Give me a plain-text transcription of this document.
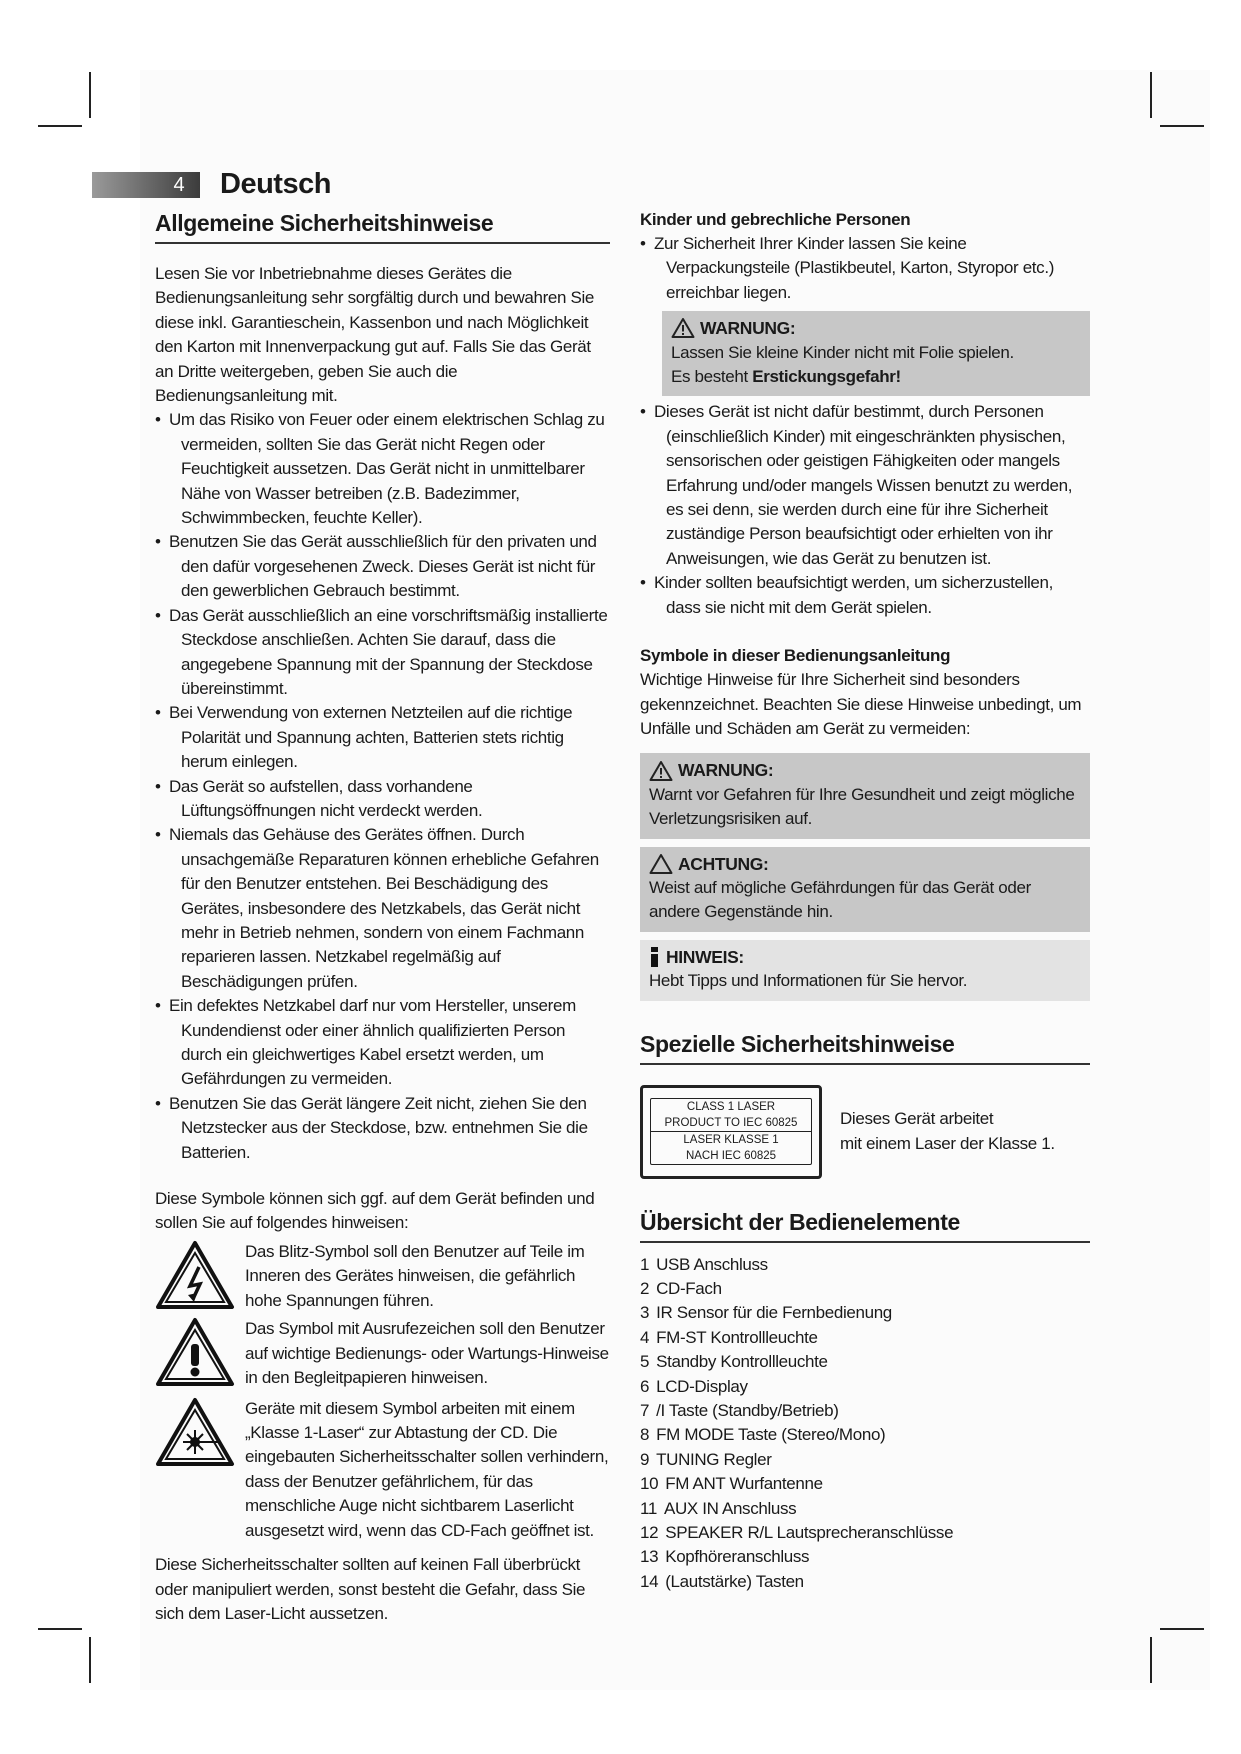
4	Deutsch
Allgemeine Sicherheitshinweise

Lesen Sie vor Inbetriebnahme dieses Gerätes die Bedienungsanleitung sehr sorgfältig durch und bewahren Sie diese inkl. Garantieschein, Kassenbon und nach Möglichkeit den Karton mit Innenverpackung gut auf. Falls Sie das Gerät an Dritte weitergeben, geben Sie auch die Bedienungsanleitung mit.

• Um das Risiko von Feuer oder einem elektrischen Schlag zu vermeiden, sollten Sie das Gerät nicht Regen oder Feuchtigkeit aussetzen. Das Gerät nicht in unmittelbarer Nähe von Wasser betreiben (z.B. Badezimmer, Schwimmbecken, feuchte Keller).
• Benutzen Sie das Gerät ausschließlich für den privaten und den dafür vorgesehenen Zweck. Dieses Gerät ist nicht für den gewerblichen Gebrauch bestimmt.
• Das Gerät ausschließlich an eine vorschriftsmäßig installierte Steckdose anschließen. Achten Sie darauf, dass die angegebene Spannung mit der Spannung der Steckdose übereinstimmt.
• Bei Verwendung von externen Netzteilen auf die richtige Polarität und Spannung achten, Batterien stets richtig herum einlegen.
• Das Gerät so aufstellen, dass vorhandene Lüftungsöffnungen nicht verdeckt werden.
• Niemals das Gehäuse des Gerätes öffnen. Durch unsachgemäße Reparaturen können erhebliche Gefahren für den Benutzer entstehen. Bei Beschädigung des Gerätes, insbesondere des Netzkabels, das Gerät nicht mehr in Betrieb nehmen, sondern von einem Fachmann reparieren lassen. Netzkabel regelmäßig auf Beschädigungen prüfen.
• Ein defektes Netzkabel darf nur vom Hersteller, unserem Kundendienst oder einer ähnlich qualifizierten Person durch ein gleichwertiges Kabel ersetzt werden, um Gefährdungen zu vermeiden.
• Benutzen Sie das Gerät längere Zeit nicht, ziehen Sie den Netzstecker aus der Steckdose, bzw. entnehmen Sie die Batterien.

Diese Symbole können sich ggf. auf dem Gerät befinden und sollen Sie auf folgendes hinweisen:

Das Blitz-Symbol soll den Benutzer auf Teile im Inneren des Gerätes hinweisen, die gefährlich hohe Spannungen führen.
Das Symbol mit Ausrufezeichen soll den Benutzer auf wichtige Bedienungs- oder Wartungs-Hinweise in den Begleitpapieren hinweisen.
Geräte mit diesem Symbol arbeiten mit einem „Klasse 1-Laser“ zur Abtastung der CD. Die eingebauten Sicherheitsschalter sollen verhindern, dass der Benutzer gefährlichem, für das menschliche Auge nicht sichtbarem Laserlicht ausgesetzt wird, wenn das CD-Fach geöffnet ist.

Diese Sicherheitsschalter sollten auf keinen Fall überbrückt oder manipuliert werden, sonst besteht die Gefahr, dass Sie sich dem Laser-Licht aussetzen.

Kinder und gebrechliche Personen
• Zur Sicherheit Ihrer Kinder lassen Sie keine Verpackungsteile (Plastikbeutel, Karton, Styropor etc.) erreichbar liegen.
WARNUNG:
Lassen Sie kleine Kinder nicht mit Folie spielen.
Es besteht Erstickungsgefahr!
• Dieses Gerät ist nicht dafür bestimmt, durch Personen (einschließlich Kinder) mit eingeschränkten physischen, sensorischen oder geistigen Fähigkeiten oder mangels Erfahrung und/oder mangels Wissen benutzt zu werden, es sei denn, sie werden durch eine für ihre Sicherheit zuständige Person beaufsichtigt oder erhielten von ihr Anweisungen, wie das Gerät zu benutzen ist.
• Kinder sollten beaufsichtigt werden, um sicherzustellen, dass sie nicht mit dem Gerät spielen.
Symbole in dieser Bedienungsanleitung

Wichtige Hinweise für Ihre Sicherheit sind besonders gekennzeichnet. Beachten Sie diese Hinweise unbedingt, um Unfälle und Schäden am Gerät zu vermeiden:

WARNUNG:
Warnt vor Gefahren für Ihre Gesundheit und zeigt mögliche Verletzungsrisiken auf.
ACHTUNG:
Weist auf mögliche Gefährdungen für das Gerät oder andere Gegenstände hin.
HINWEIS:
Hebt Tipps und Informationen für Sie hervor.
Spezielle Sicherheitshinweise
CLASS 1 LASER
PRODUCT TO IEC 60825
LASER KLASSE 1
NACH IEC 60825
Dieses Gerät arbeitet
mit einem Laser der Klasse 1.
Übersicht der Bedienelemente
1 USB Anschluss
2 CD-Fach
3 IR Sensor für die Fernbedienung
4 FM-ST Kontrollleuchte
5 Standby Kontrollleuchte
6 LCD-Display
7 /I Taste (Standby/Betrieb)
8 FM MODE Taste (Stereo/Mono)
9 TUNING Regler
10 FM ANT Wurfantenne
11 AUX IN Anschluss
12 SPEAKER R/L Lautsprecheranschlüsse
13 Kopfhöreranschluss
14 (Lautstärke) Tasten
